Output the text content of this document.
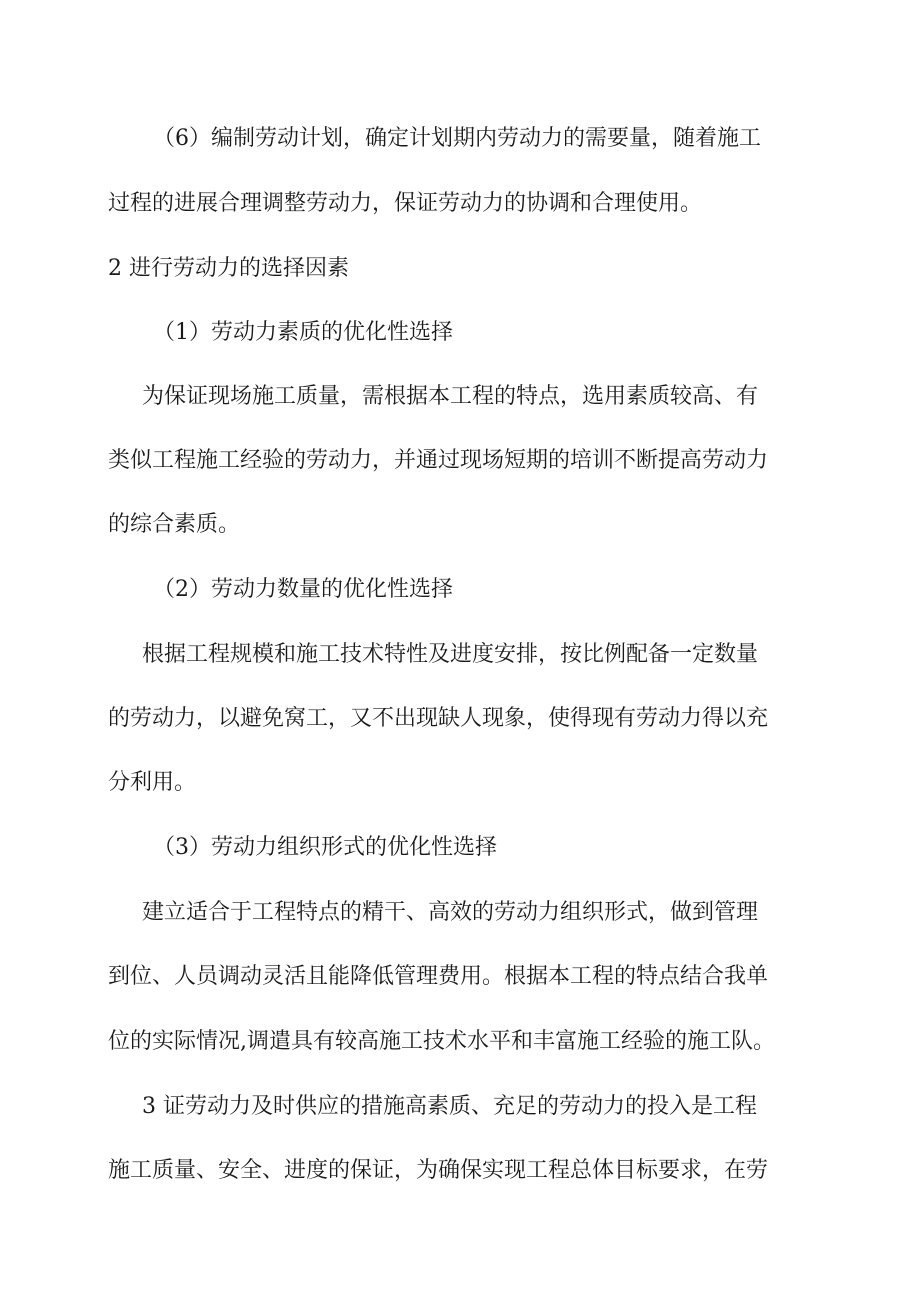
（6）编制劳动计划，确定计划期内劳动力的需要量，随着施工
过程的进展合理调整劳动力，保证劳动力的协调和合理使用。
2 进行劳动力的选择因素
（1）劳动力素质的优化性选择
为保证现场施工质量，需根据本工程的特点，选用素质较高、有
类似工程施工经验的劳动力，并通过现场短期的培训不断提高劳动力
的综合素质。
（2）劳动力数量的优化性选择
根据工程规模和施工技术特性及进度安排，按比例配备一定数量
的劳动力，以避免窝工，又不出现缺人现象，使得现有劳动力得以充
分利用。
（3）劳动力组织形式的优化性选择
建立适合于工程特点的精干、高效的劳动力组织形式，做到管理
到位、人员调动灵活且能降低管理费用。根据本工程的特点结合我单
位的实际情况,调遣具有较高施工技术水平和丰富施工经验的施工队。
3 证劳动力及时供应的措施高素质、充足的劳动力的投入是工程
施工质量、安全、进度的保证，为确保实现工程总体目标要求，在劳
